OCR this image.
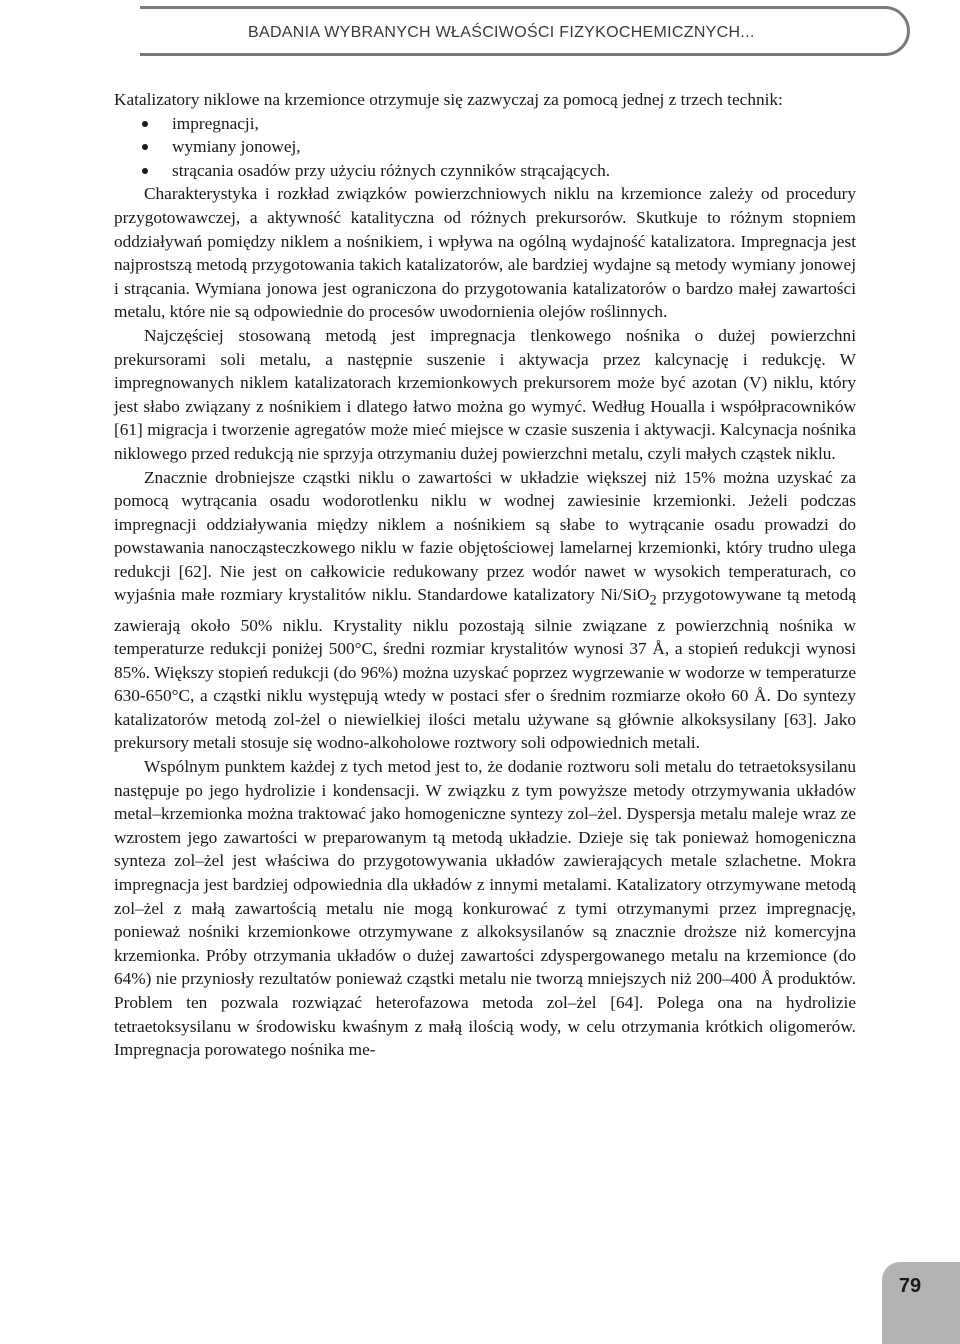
BADANIA WYBRANYCH WŁAŚCIWOŚCI FIZYKOCHEMICZNYCH...

Katalizatory niklowe na krzemionce otrzymuje się zazwyczaj za pomocą jednej z trzech technik:

impregnacji,
wymiany jonowej,
strącania osadów przy użyciu różnych czynników strącających.

Charakterystyka i rozkład związków powierzchniowych niklu na krzemionce zależy od procedury przygotowawczej, a aktywność katalityczna od różnych prekursorów. Skutkuje to różnym stopniem oddziaływań pomiędzy niklem a nośnikiem, i wpływa na ogólną wydajność katalizatora. Impregnacja jest najprostszą metodą przygotowania takich katalizatorów, ale bardziej wydajne są metody wymiany jonowej i strącania. Wymiana jonowa jest ograniczona do przygotowania katalizatorów o bardzo małej zawartości metalu, które nie są odpowiednie do procesów uwodornienia olejów roślinnych.

Najczęściej stosowaną metodą jest impregnacja tlenkowego nośnika o dużej powierzchni prekursorami soli metalu, a następnie suszenie i aktywacja przez kalcynację i redukcję. W impregnowanych niklem katalizatorach krzemionkowych prekursorem może być azotan (V) niklu, który jest słabo związany z nośnikiem i dlatego łatwo można go wymyć. Według Houalla i współpracowników [61] migracja i tworzenie agregatów może mieć miejsce w czasie suszenia i aktywacji. Kalcynacja nośnika niklowego przed redukcją nie sprzyja otrzymaniu dużej powierzchni metalu, czyli małych cząstek niklu.

Znacznie drobniejsze cząstki niklu o zawartości w układzie większej niż 15% można uzyskać za pomocą wytrącania osadu wodorotlenku niklu w wodnej zawiesinie krzemionki. Jeżeli podczas impregnacji oddziaływania między niklem a nośnikiem są słabe to wytrącanie osadu prowadzi do powstawania nanocząsteczkowego niklu w fazie objętościowej lamelarnej krzemionki, który trudno ulega redukcji [62]. Nie jest on całkowicie redukowany przez wodór nawet w wysokich temperaturach, co wyjaśnia małe rozmiary krystalitów niklu. Standardowe katalizatory Ni/SiO$_2$ przygotowywane tą metodą zawierają około 50% niklu. Krystality niklu pozostają silnie związane z powierzchnią nośnika w temperaturze redukcji poniżej 500°C, średni rozmiar krystalitów wynosi 37 Å, a stopień redukcji wynosi 85%. Większy stopień redukcji (do 96%) można uzyskać poprzez wygrzewanie w wodorze w temperaturze 630-650°C, a cząstki niklu występują wtedy w postaci sfer o średnim rozmiarze około 60 Å. Do syntezy katalizatorów metodą zol-żel o niewielkiej ilości metalu używane są głównie alkoksysilany [63]. Jako prekursory metali stosuje się wodno-alkoholowe roztwory soli odpowiednich metali.

Wspólnym punktem każdej z tych metod jest to, że dodanie roztworu soli metalu do tetraetoksysilanu następuje po jego hydrolizie i kondensacji. W związku z tym powyższe metody otrzymywania układów metal–krzemionka można traktować jako homogeniczne syntezy zol–żel. Dyspersja metalu maleje wraz ze wzrostem jego zawartości w preparowanym tą metodą układzie. Dzieje się tak ponieważ homogeniczna synteza zol–żel jest właściwa do przygotowywania układów zawierających metale szlachetne. Mokra impregnacja jest bardziej odpowiednia dla układów z innymi metalami. Katalizatory otrzymywane metodą zol–żel z małą zawartością metalu nie mogą konkurować z tymi otrzymanymi przez impregnację, ponieważ nośniki krzemionkowe otrzymywane z alkoksysilanów są znacznie droższe niż komercyjna krzemionka. Próby otrzymania układów o dużej zawartości zdyspergowanego metalu na krzemionce (do 64%) nie przyniosły rezultatów ponieważ cząstki metalu nie tworzą mniejszych niż 200–400 Å produktów. Problem ten pozwala rozwiązać heterofazowa metoda zol–żel [64]. Polega ona na hydrolizie tetraetoksysilanu w środowisku kwaśnym z małą ilością wody, w celu otrzymania krótkich oligomerów. Impregnacja porowatego nośnika me-

79
